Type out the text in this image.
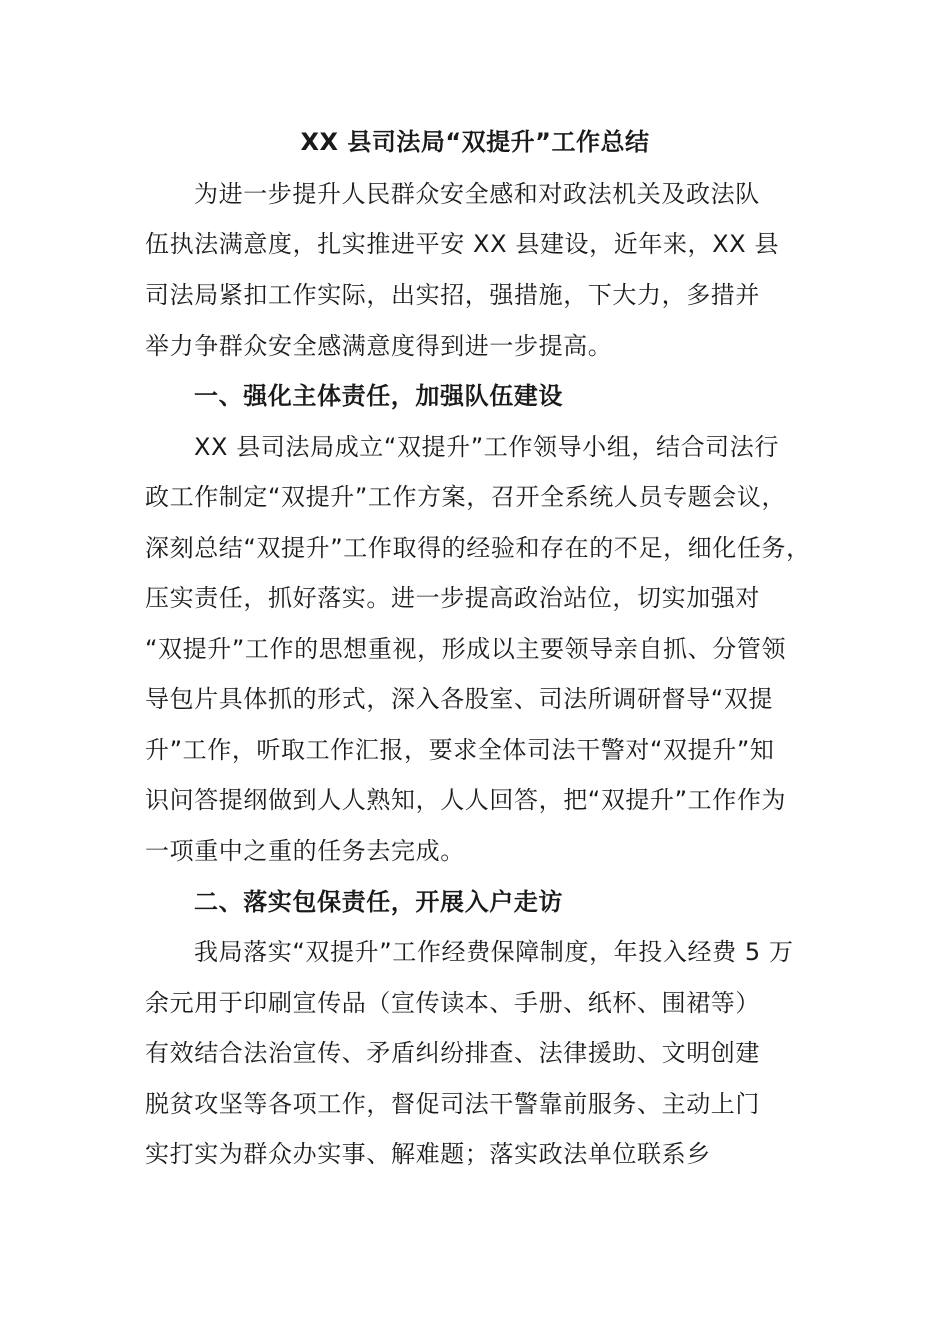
XX 县司法局“双提升”工作总结

为进一步提升人民群众安全感和对政法机关及政法队

伍执法满意度，扎实推进平安 XX 县建设，近年来，XX 县

司法局紧扣工作实际，出实招，强措施，下大力，多措并

举力争群众安全感满意度得到进一步提高。

一、强化主体责任，加强队伍建设

XX 县司法局成立“双提升”工作领导小组，结合司法行

政工作制定“双提升”工作方案，召开全系统人员专题会议，

深刻总结“双提升”工作取得的经验和存在的不足，细化任务，

压实责任，抓好落实。进一步提高政治站位，切实加强对

“双提升”工作的思想重视，形成以主要领导亲自抓、分管领

导包片具体抓的形式，深入各股室、司法所调研督导“双提

升”工作，听取工作汇报，要求全体司法干警对“双提升”知

识问答提纲做到人人熟知，人人回答，把“双提升”工作作为

一项重中之重的任务去完成。

二、落实包保责任，开展入户走访

我局落实“双提升”工作经费保障制度，年投入经费 5 万

余元用于印刷宣传品（宣传读本、手册、纸杯、围裙等）

有效结合法治宣传、矛盾纠纷排查、法律援助、文明创建

脱贫攻坚等各项工作，督促司法干警靠前服务、主动上门

实打实为群众办实事、解难题；落实政法单位联系乡
